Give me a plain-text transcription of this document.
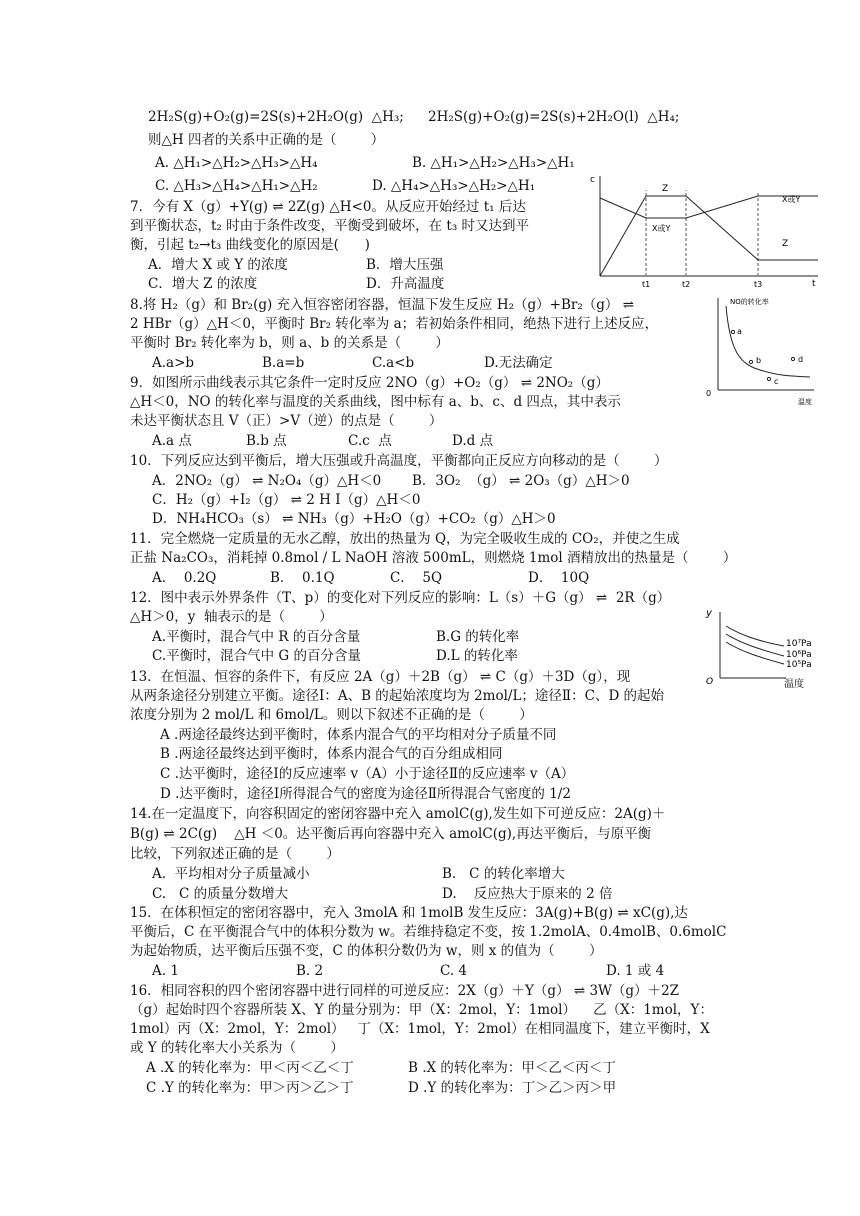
2H₂S(g)+O₂(g)=2S(s)+2H₂O(g)  △H₃; 2H₂S(g)+O₂(g)=2S(s)+2H₂O(l)  △H₄;
则△H 四者的关系中正确的是（        ）
A. △H₁>△H₂>△H₃>△H₄	B. △H₁>△H₂>△H₃>△H₁
C. △H₃>△H₄>△H₁>△H₂	D. △H₄>△H₃>△H₂>△H₁
7．今有 X（g）+Y(g) ⇌ 2Z(g) △H<0。从反应开始经过 t₁ 后达
到平衡状态，t₂ 时由于条件改变，平衡受到破坏，在 t₃ 时又达到平
衡，引起 t₂→t₃ 曲线变化的原因是(      )
A．增大 X 或 Y 的浓度	B．增大压强
C．增大 Z 的浓度	D．升高温度
c
t
t1	t2	t3
Z
X或Y
X或Y
Z
8.将 H₂（g）和 Br₂(g) 充入恒容密闭容器，恒温下发生反应 H₂（g）+Br₂（g） ⇌
2 HBr（g）△H＜0，平衡时 Br₂ 转化率为 a；若初始条件相同，绝热下进行上述反应，
平衡时 Br₂ 转化率为 b，则 a、b 的关系是（        ）
A.a>b	B.a=b	C.a<b	D.无法确定
NO的转化率
温度
0
a
b
c
d
9．如图所示曲线表示其它条件一定时反应 2NO（g）+O₂（g） ⇌ 2NO₂（g）
△H＜0，NO 的转化率与温度的关系曲线，图中标有 a、b、c、d 四点，其中表示
未达平衡状态且 V（正）>V（逆）的点是（        ）
A.a 点	B.b 点	C.c  点	D.d 点
10．下列反应达到平衡后，增大压强或升高温度，平衡都向正反应方向移动的是（        ）
A．2NO₂（g） ⇌ N₂O₄（g）△H＜0 B．3O₂  （g） ⇌ 2O₃（g）△H＞0
C．H₂（g）+I₂（g） ⇌ 2 H I（g）△H＜0
D．NH₄HCO₃（s） ⇌ NH₃（g）+H₂O（g）+CO₂（g）△H＞0
11．完全燃烧一定质量的无水乙醇，放出的热量为 Q，为完全吸收生成的 CO₂，并使之生成
正盐 Na₂CO₃，消耗掉 0.8mol / L NaOH 溶液 500mL，则燃烧 1mol 酒精放出的热量是（        ）
A．  0.2Q	B．  0.1Q	C．  5Q	D．  10Q
12．图中表示外界条件（T、p）的变化对下列反应的影响：L（s）＋G（g） ⇌  2R（g）
△H＞0，y  轴表示的是（        ）
A.平衡时，混合气中 R 的百分含量	B.G 的转化率
C.平衡时，混合气中 G 的百分含量	D.L 的转化率
y
O	温度
10⁷Pa
10⁶Pa
10⁵Pa
13．在恒温、恒容的条件下，有反应 2A（g）＋2B（g） ⇌ C（g）＋3D（g），现
从两条途径分别建立平衡。途径Ⅰ：A、B 的起始浓度均为 2mol/L；途径Ⅱ：C、D 的起始
浓度分别为 2 mol/L 和 6mol/L。则以下叙述不正确的是（        ）
A .两途径最终达到平衡时，体系内混合气的平均相对分子质量不同
B .两途径最终达到平衡时，体系内混合气的百分组成相同
C .达平衡时，途径Ⅰ的反应速率 v（A）小于途径Ⅱ的反应速率 v（A）
D .达平衡时，途径Ⅰ所得混合气的密度为途径Ⅱ所得混合气密度的 1/2
14.在一定温度下，向容积固定的密闭容器中充入 amolC(g),发生如下可逆反应：2A(g)＋
B(g) ⇌ 2C(g)    △H ＜0。达平衡后再向容器中充入 amolC(g),再达平衡后，与原平衡
比较，下列叙述正确的是（        ）
A.  平均相对分子质量减小	B.   C 的转化率增大
C.   C 的质量分数增大	D.    反应热大于原来的 2 倍
15．在体积恒定的密闭容器中，充入 3molA 和 1molB 发生反应：3A(g)+B(g) ⇌ xC(g),达
平衡后，C 在平衡混合气中的体积分数为 w。若维持稳定不变，按 1.2molA、0.4molB、0.6molC
为起始物质，达平衡后压强不变，C 的体积分数仍为 w，则 x 的值为（        ）
A. 1	B. 2	C. 4	D. 1 或 4
16．相同容积的四个密闭容器中进行同样的可逆反应：2X（g）＋Y（g） ⇌ 3W（g）＋2Z
（g）起始时四个容器所装 X、Y 的量分别为：甲（X：2mol，Y：1mol）    乙（X：1mol，Y：
1mol）丙（X：2mol，Y：2mol）   丁（X：1mol，Y：2mol）在相同温度下，建立平衡时，X
或 Y 的转化率大小关系为（        ）
A .X 的转化率为：甲＜丙＜乙＜丁	B .X 的转化率为：甲＜乙＜丙＜丁
C .Y 的转化率为：甲＞丙＞乙＞丁	D .Y 的转化率为：丁＞乙＞丙＞甲
